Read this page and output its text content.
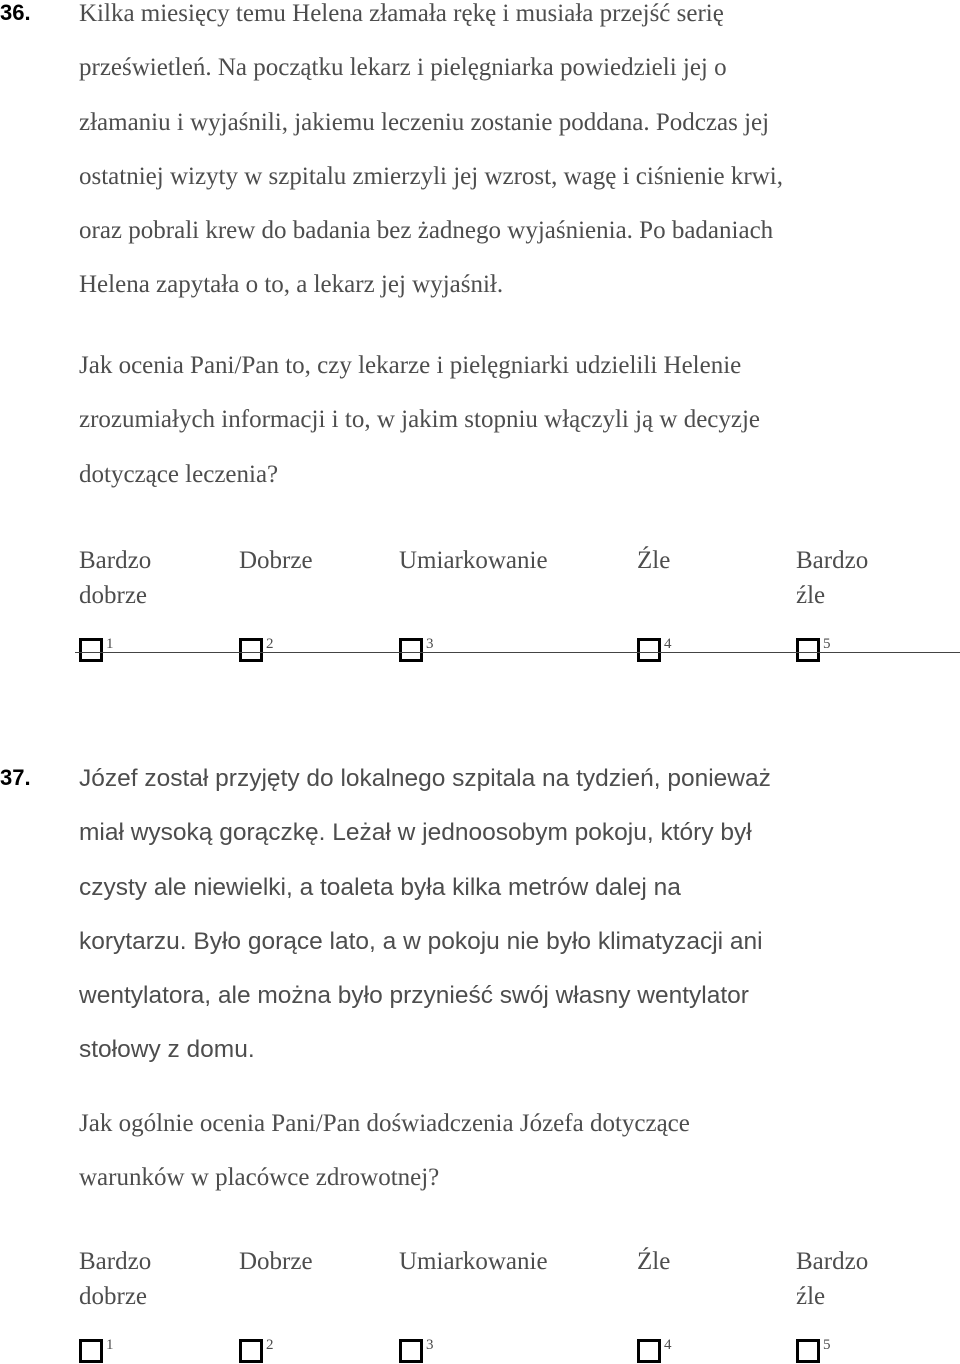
36. Kilka miesięcy temu Helena złamała rękę i musiała przejść serię
prześwietleń. Na początku lekarz i pielęgniarka powiedzieli jej o
złamaniu i wyjaśnili, jakiemu leczeniu zostanie poddana. Podczas jej
ostatniej wizyty w szpitalu zmierzyli jej wzrost, wagę i ciśnienie krwi,
oraz pobrali krew do badania bez żadnego wyjaśnienia. Po badaniach
Helena zapytała o to, a lekarz jej wyjaśnił.
Jak ocenia Pani/Pan to, czy lekarze i pielęgniarki udzielili Helenie
zrozumiałych informacji i to, w jakim stopniu włączyli ją w decyzje
dotyczące leczenia?
Bardzo
dobrze
1
Dobrze

2
Umiarkowanie

3
Źle

4
Bardzo
źle
5
37. Józef został przyjęty do lokalnego szpitala na tydzień, ponieważ
miał wysoką gorączkę. Leżał w jednoosobym pokoju, który był
czysty ale niewielki, a toaleta była kilka metrów dalej na
korytarzu. Było gorące lato, a w pokoju nie było klimatyzacji ani
wentylatora, ale można było przynieść swój własny wentylator
stołowy z domu.
Jak ogólnie ocenia Pani/Pan doświadczenia Józefa dotyczące
warunków w placówce zdrowotnej?
Bardzo
dobrze
1
Dobrze

2
Umiarkowanie

3
Źle

4
Bardzo
źle
5
